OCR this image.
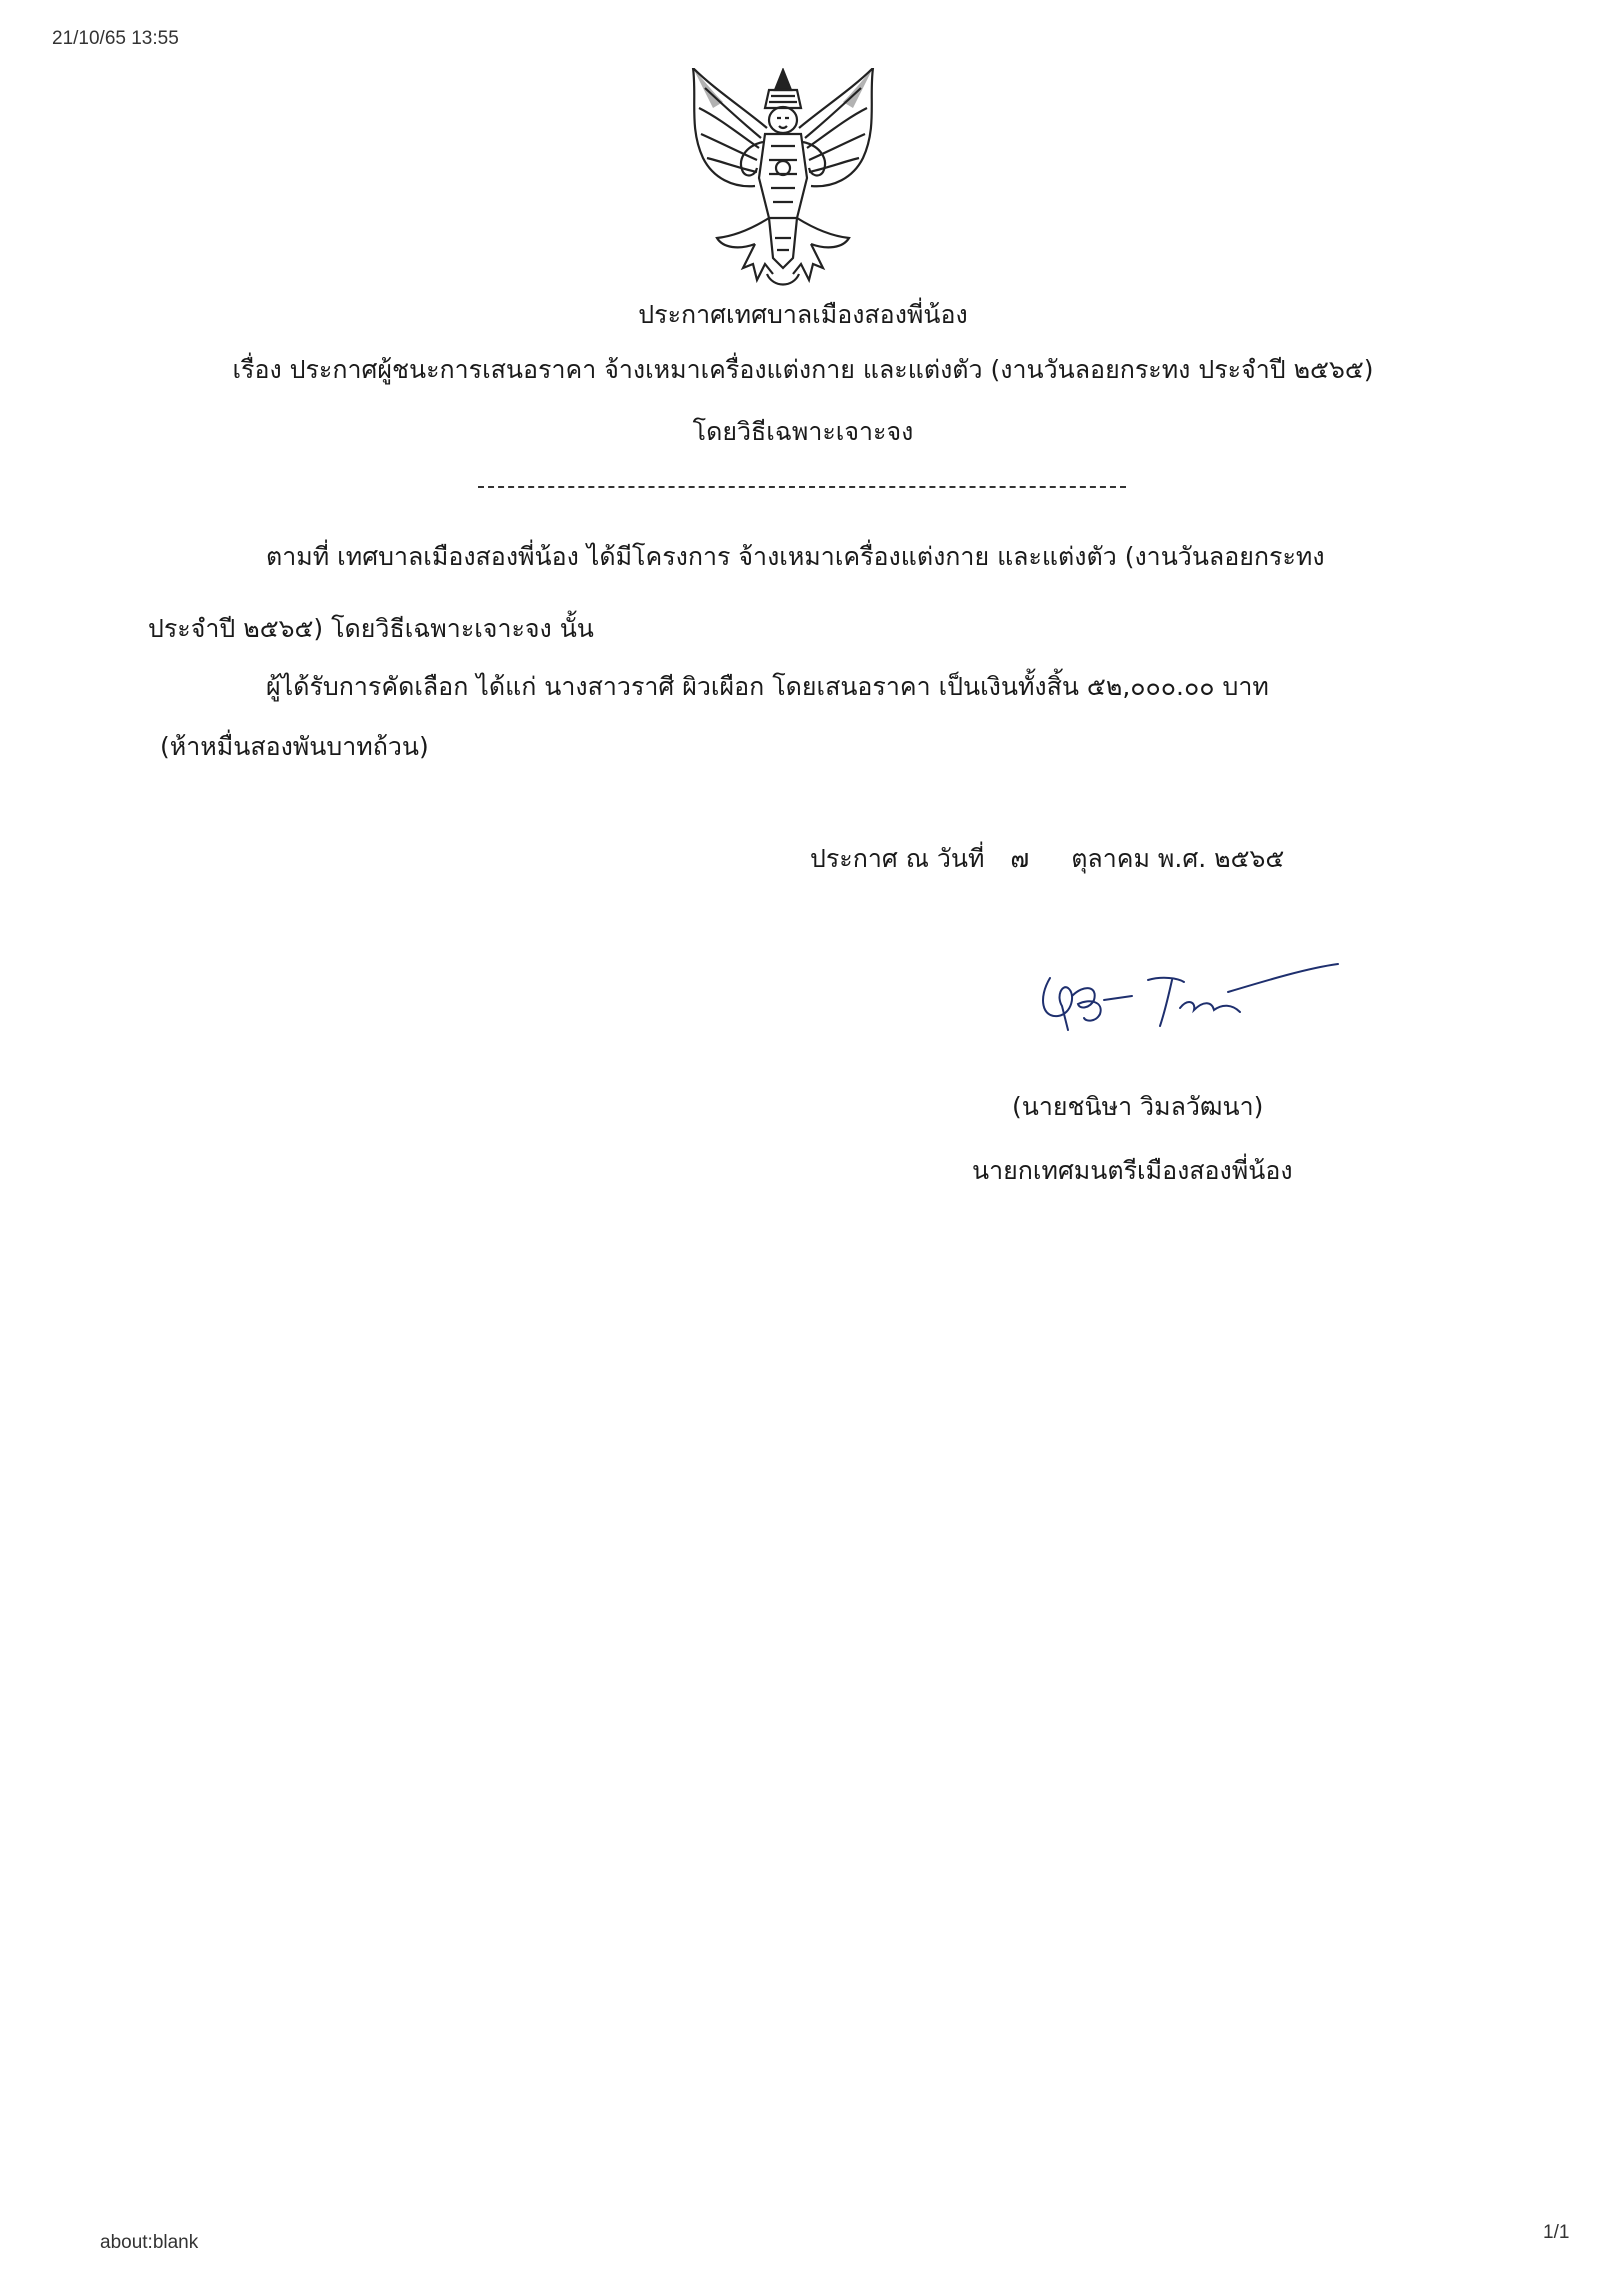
21/10/65 13:55
ประกาศเทศบาลเมืองสองพี่น้อง
เรื่อง ประกาศผู้ชนะการเสนอราคา จ้างเหมาเครื่องแต่งกาย และแต่งตัว (งานวันลอยกระทง ประจำปี ๒๕๖๕)
โดยวิธีเฉพาะเจาะจง
ตามที่ เทศบาลเมืองสองพี่น้อง ได้มีโครงการ จ้างเหมาเครื่องแต่งกาย และแต่งตัว (งานวันลอยกระทง
ประจำปี ๒๕๖๕) โดยวิธีเฉพาะเจาะจง นั้น
ผู้ได้รับการคัดเลือก ได้แก่ นางสาวราศี ผิวเผือก โดยเสนอราคา เป็นเงินทั้งสิ้น ๕๒,๐๐๐.๐๐ บาท
(ห้าหมื่นสองพันบาทถ้วน)
ประกาศ ณ วันที่ ๗ ตุลาคม พ.ศ. ๒๕๖๕
(นายชนิษา วิมลวัฒนา)
นายกเทศมนตรีเมืองสองพี่น้อง
about:blank	1/1
